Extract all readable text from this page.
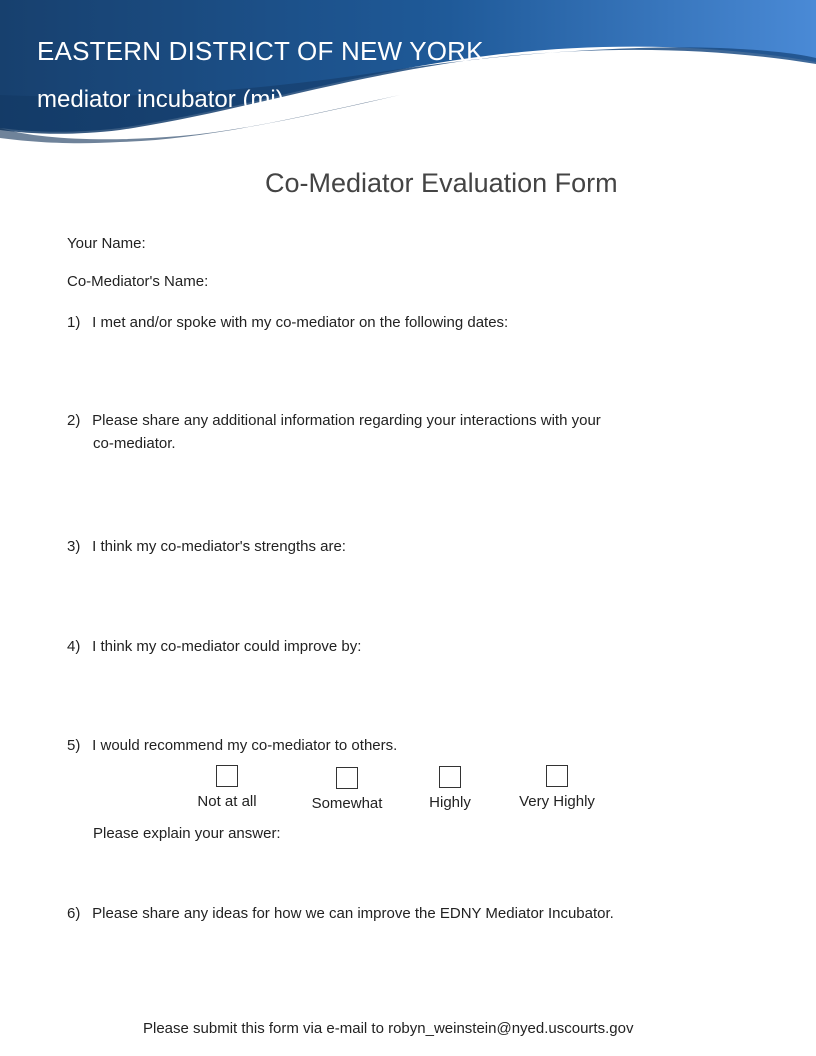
EASTERN DISTRICT OF NEW YORK
mediator incubator (mi)
Co-Mediator Evaluation Form
Your Name:
Co-Mediator's Name:
1) I met and/or spoke with my co-mediator on the following dates:
2) Please share any additional information regarding your interactions with your
co-mediator.
3) I think my co-mediator's strengths are:
4) I think my co-mediator could improve by:
5) I would recommend my co-mediator to others.
Not at all	Somewhat	Highly	Very Highly
Please explain your answer:
6) Please share any ideas for how we can improve the EDNY Mediator Incubator.
Please submit this form via e-mail to robyn_weinstein@nyed.uscourts.gov
